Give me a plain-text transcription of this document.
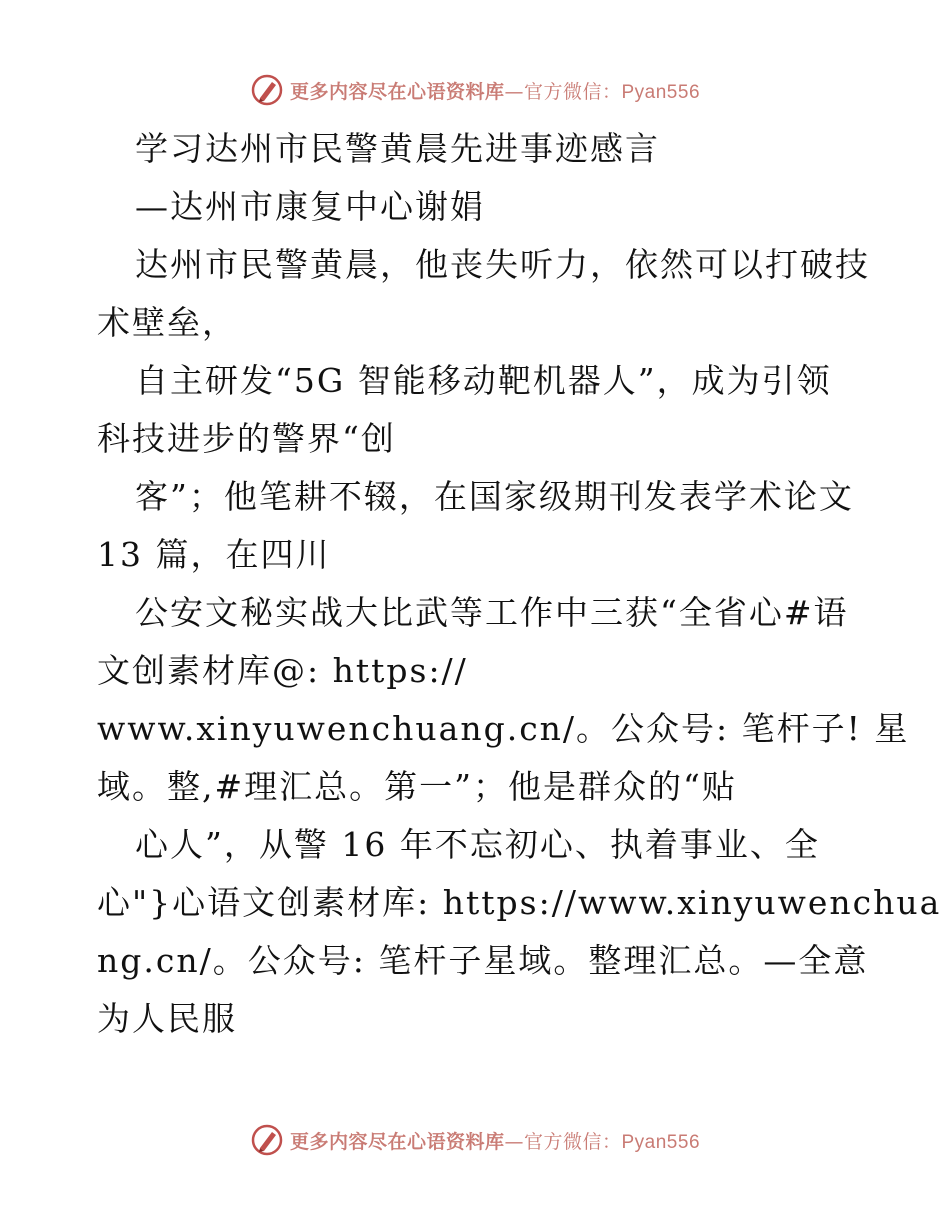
更多内容尽在心语资料库—官方微信：Pyan556
学习达州市民警黄晨先进事迹感言
—达州市康复中心谢娟
达州市民警黄晨，他丧失听力，依然可以打破技
术壁垒，
自主研发“5G 智能移动靶机器人”，成为引领
科技进步的警界“创
客”；他笔耕不辍，在国家级期刊发表学术论文
13 篇，在四川
公安文秘实战大比武等工作中三获“全省心#语
文创素材库@: https://
www.xinyuwenchuang.cn/。公众号: 笔杆子! 星
域。整,#理汇总。第一”；他是群众的“贴
心人”，从警 16 年不忘初心、执着事业、全
心"}心语文创素材库: https://www.xinyuwenchua
ng.cn/。公众号: 笔杆子星域。整理汇总。—全意
为人民服
更多内容尽在心语资料库—官方微信：Pyan556
